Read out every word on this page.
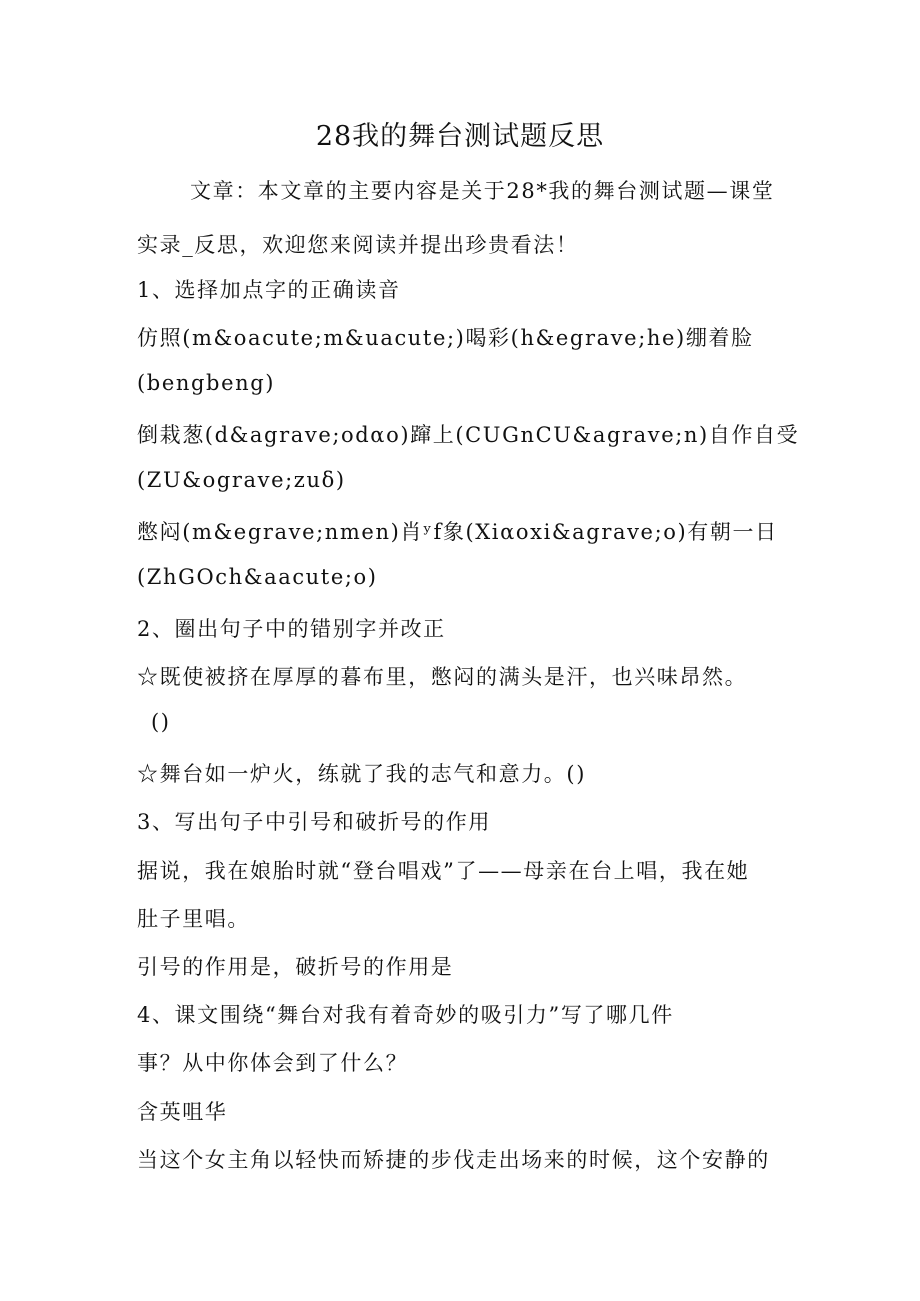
28我的舞台测试题反思
文章：本文章的主要内容是关于28*我的舞台测试题—课堂
实录_反思，欢迎您来阅读并提出珍贵看法！
1、选择加点字的正确读音
仿照(m&oacute;m&uacute;)喝彩(h&egrave;he)绷着脸
(bengbeng)
倒栽葱(d&agrave;odαo)蹿上(CUGnCU&agrave;n)自作自受
(ZU&ograve;zuδ)
憋闷(m&egrave;nmen)肖ʸf象(Xiαoxi&agrave;o)有朝一日
(ZhGOch&aacute;o)
2、圈出句子中的错别字并改正
☆既使被挤在厚厚的暮布里，憋闷的满头是汗，也兴味昂然。
()
☆舞台如一炉火，练就了我的志气和意力。()
3、写出句子中引号和破折号的作用
据说，我在娘胎时就“登台唱戏”了——母亲在台上唱，我在她
肚子里唱。
引号的作用是，破折号的作用是
4、课文围绕“舞台对我有着奇妙的吸引力”写了哪几件
事？从中你体会到了什么？
含英咀华
当这个女主角以轻快而矫捷的步伐走出场来的时候，这个安静的
